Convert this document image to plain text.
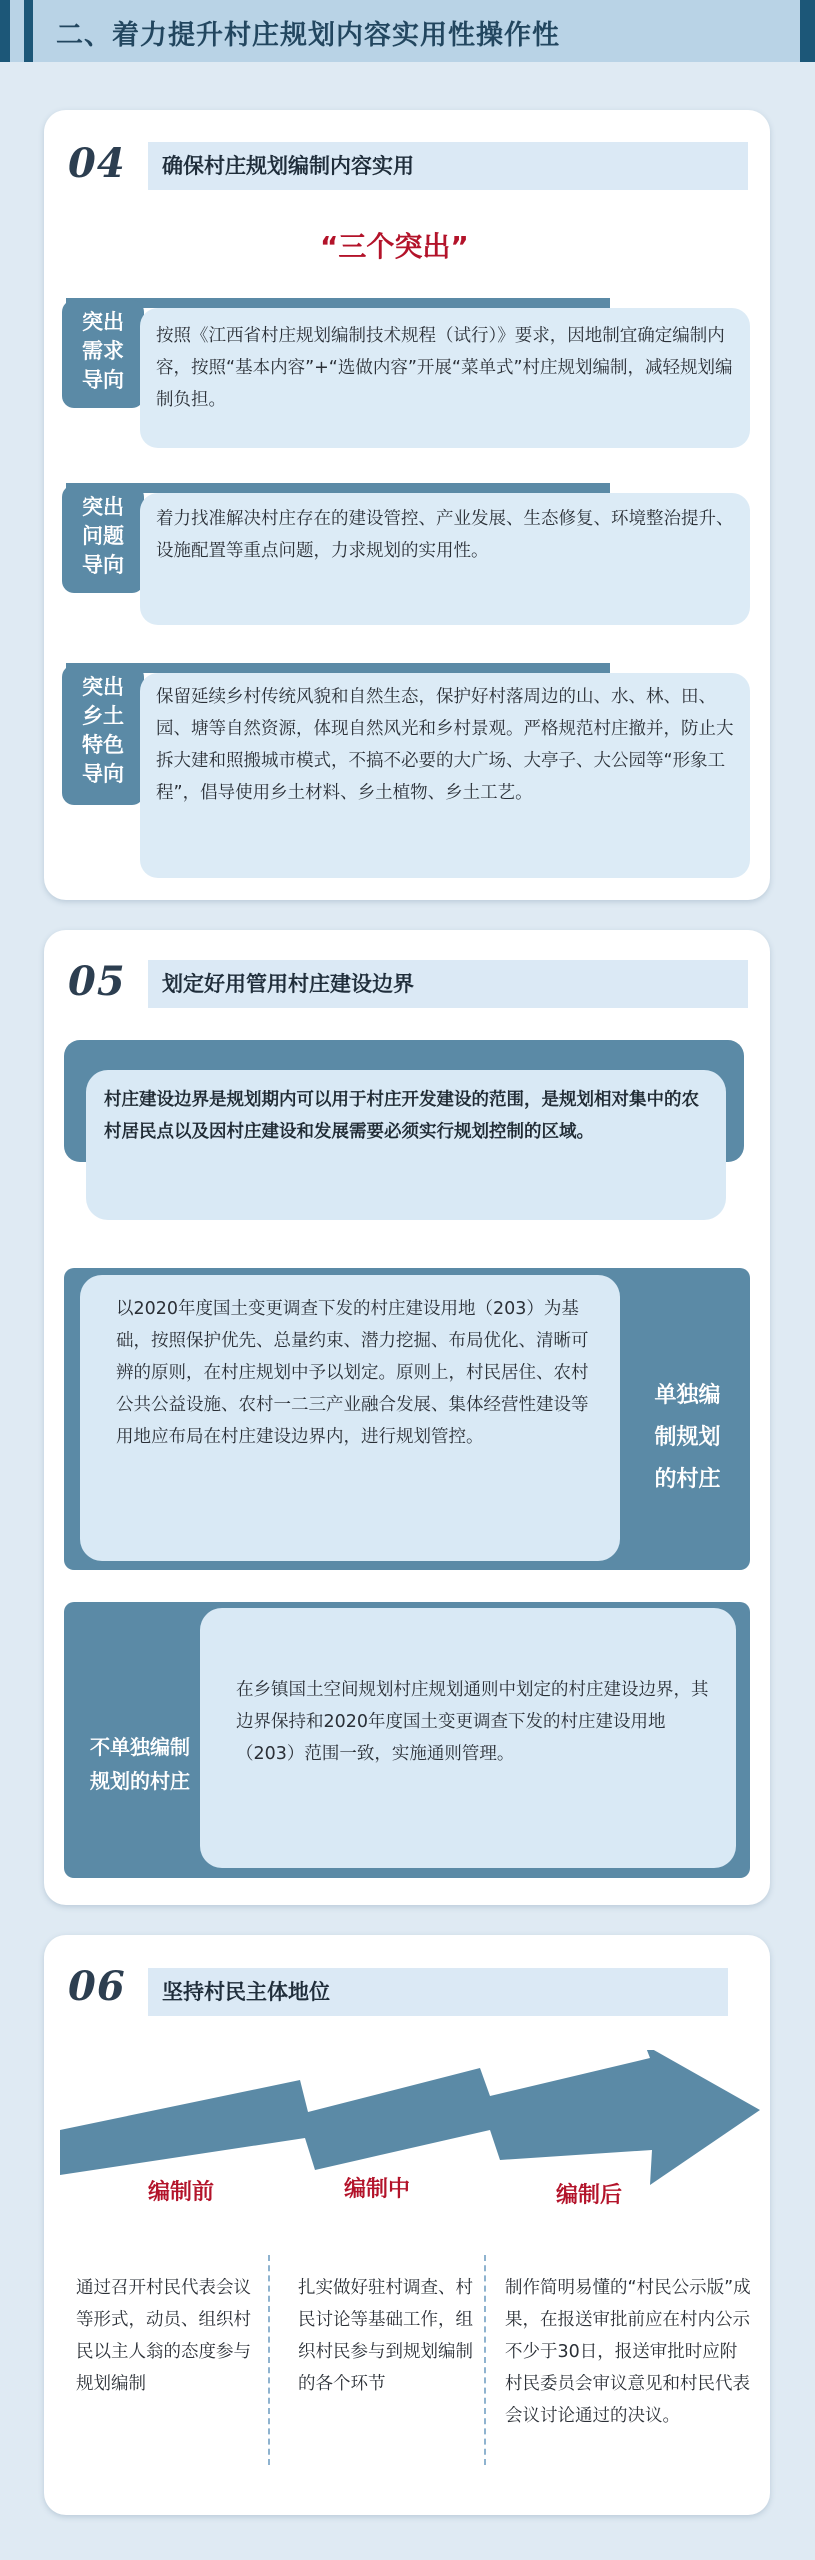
二、着力提升村庄规划内容实用性操作性
04	确保村庄规划编制内容实用
“三个突出”
突出
需求
导向
按照《江西省村庄规划编制技术规程（试行）》要求，因地制宜确定编制内容，按照“基本内容”+“选做内容”开展“菜单式”村庄规划编制，减轻规划编制负担。
突出
问题
导向
着力找准解决村庄存在的建设管控、产业发展、生态修复、环境整治提升、设施配置等重点问题，力求规划的实用性。
突出
乡土
特色
导向
保留延续乡村传统风貌和自然生态，保护好村落周边的山、水、林、田、园、塘等自然资源，体现自然风光和乡村景观。严格规范村庄撤并，防止大拆大建和照搬城市模式，不搞不必要的大广场、大亭子、大公园等“形象工程”，倡导使用乡土材料、乡土植物、乡土工艺。
05	划定好用管用村庄建设边界
村庄建设边界是规划期内可以用于村庄开发建设的范围，是规划相对集中的农村居民点以及因村庄建设和发展需要必须实行规划控制的区域。
以2020年度国土变更调查下发的村庄建设用地（203）为基础，按照保护优先、总量约束、潜力挖掘、布局优化、清晰可辨的原则，在村庄规划中予以划定。原则上，村民居住、农村公共公益设施、农村一二三产业融合发展、集体经营性建设等用地应布局在村庄建设边界内，进行规划管控。
单独编
制规划
的村庄
在乡镇国土空间规划村庄规划通则中划定的村庄建设边界，其边界保持和2020年度国土变更调查下发的村庄建设用地（203）范围一致，实施通则管理。
不单独编制
规划的村庄
06	坚持村民主体地位
编制前	编制中	编制后
通过召开村民代表会议等形式，动员、组织村民以主人翁的态度参与规划编制
扎实做好驻村调查、村民讨论等基础工作，组织村民参与到规划编制的各个环节
制作简明易懂的“村民公示版”成果，在报送审批前应在村内公示不少于30日，报送审批时应附村民委员会审议意见和村民代表会议讨论通过的决议。
